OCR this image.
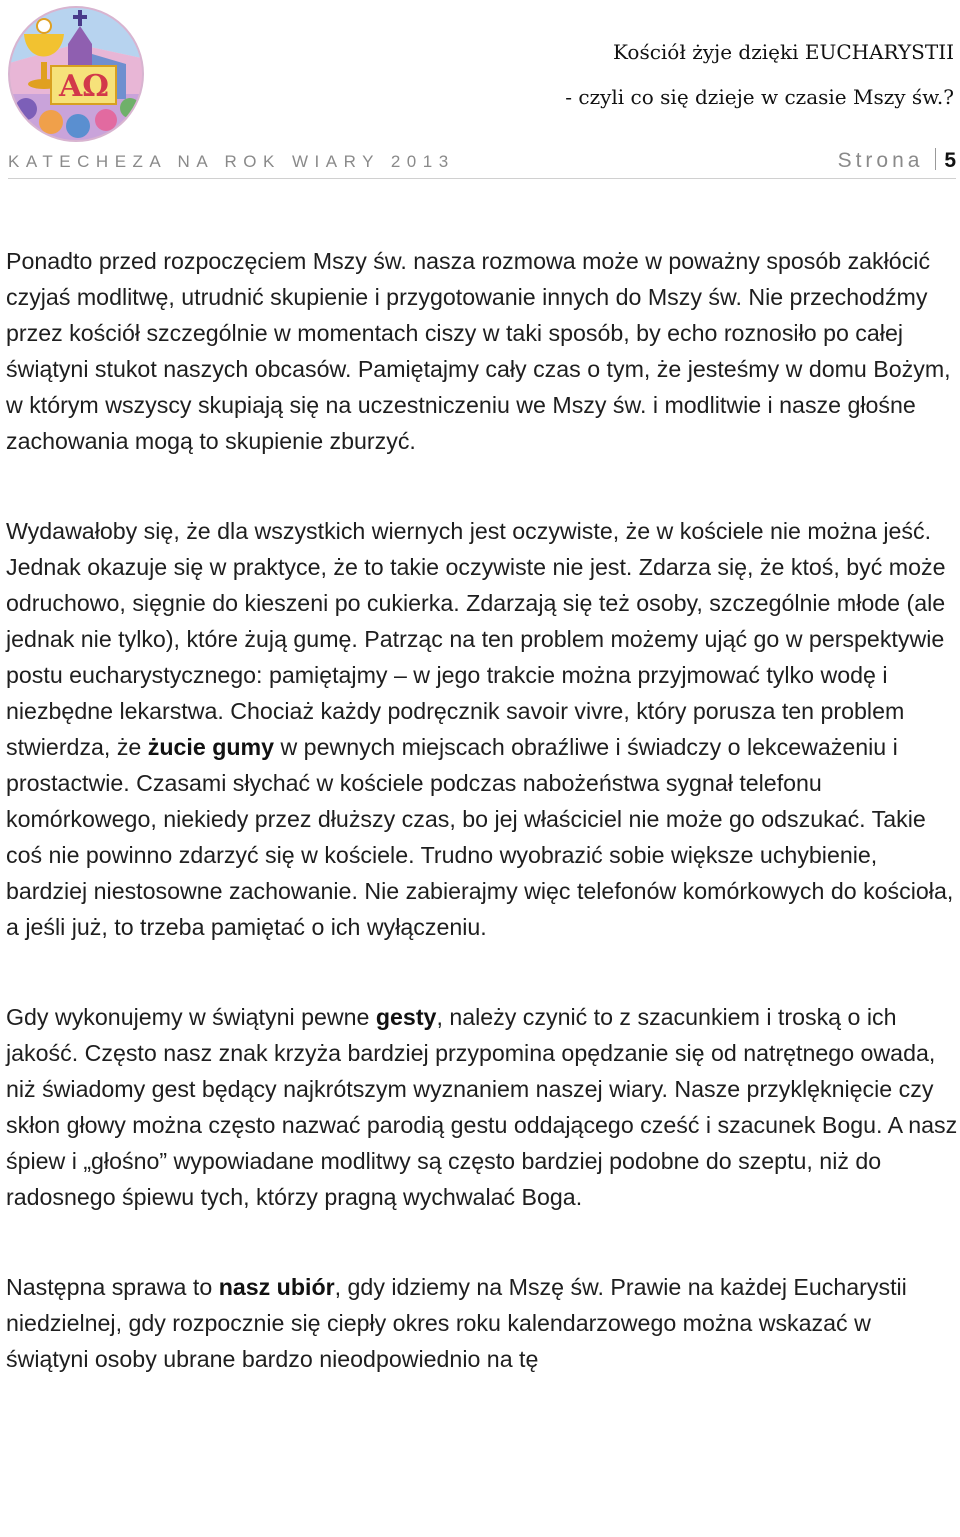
AΩ
Kościół żyje dzięki EUCHARYSTII
- czyli co się dzieje w czasie Mszy św.?
KATECHEZA NA ROK WIARY 2013	Strona 5

Ponadto przed rozpoczęciem Mszy św. nasza rozmowa może w poważny sposób zakłócić czyjaś modlitwę, utrudnić skupienie i przygotowanie innych do Mszy św. Nie przechodźmy przez kościół szczególnie w momentach ciszy w taki sposób, by echo roznosiło po całej świątyni stukot naszych obcasów. Pamiętajmy cały czas o tym, że jesteśmy w domu Bożym, w którym wszyscy skupiają się na uczestniczeniu we Mszy św. i modlitwie i nasze głośne zachowania mogą to skupienie zburzyć.

Wydawałoby się, że dla wszystkich wiernych jest oczywiste, że w kościele nie można jeść. Jednak okazuje się w praktyce, że to takie oczywiste nie jest. Zdarza się, że ktoś, być może odruchowo, sięgnie do kieszeni po cukierka. Zdarzają się też osoby, szczególnie młode (ale jednak nie tylko), które żują gumę. Patrząc na ten problem możemy ująć go w perspektywie postu eucharystycznego: pamiętajmy – w jego trakcie można przyjmować tylko wodę i niezbędne lekarstwa. Chociaż każdy podręcznik savoir vivre, który porusza ten problem stwierdza, że żucie gumy w pewnych miejscach obraźliwe i świadczy o lekceważeniu i prostactwie. Czasami słychać w kościele podczas nabożeństwa sygnał telefonu komórkowego, niekiedy przez dłuższy czas, bo jej właściciel nie może go odszukać. Takie coś nie powinno zdarzyć się w kościele. Trudno wyobrazić sobie większe uchybienie, bardziej niestosowne zachowanie. Nie zabierajmy więc telefonów komórkowych do kościoła, a jeśli już, to trzeba pamiętać o ich wyłączeniu.

Gdy wykonujemy w świątyni pewne gesty, należy czynić to z szacunkiem i troską o ich jakość. Często nasz znak krzyża bardziej przypomina opędzanie się od natrętnego owada, niż świadomy gest będący najkrótszym wyznaniem naszej wiary. Nasze przyklęknięcie czy skłon głowy można często nazwać parodią gestu oddającego cześć i szacunek Bogu. A nasz śpiew i „głośno” wypowiadane modlitwy są często bardziej podobne do szeptu, niż do radosnego śpiewu tych, którzy pragną wychwalać Boga.

Następna sprawa to nasz ubiór, gdy idziemy na Mszę św. Prawie na każdej Eucharystii niedzielnej, gdy rozpocznie się ciepły okres roku kalendarzowego można wskazać w świątyni osoby ubrane bardzo nieodpowiednio na tę
